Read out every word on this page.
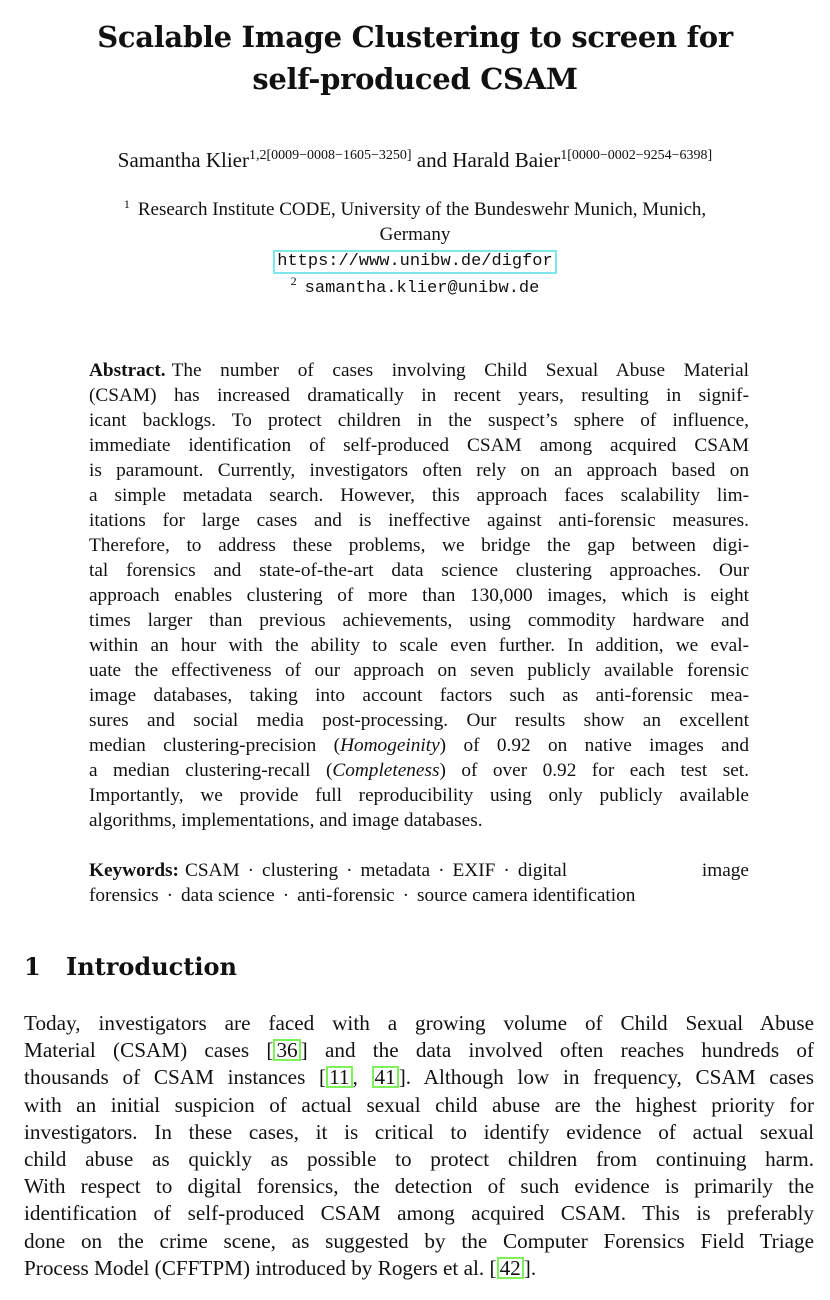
Scalable Image Clustering to screen for
self-produced CSAM
Samantha Klier$^{1,2[0009-0008-1605-3250]}$ and Harald Baier$^{1[0000-0002-9254-6398]}$
$^1$ Research Institute CODE, University of the Bundeswehr Munich, Munich,
Germany
https://www.unibw.de/digfor
$^2$ samantha.klier@unibw.de
Abstract. The number of cases involving Child Sexual Abuse Material
(CSAM) has increased dramatically in recent years, resulting in signif-
icant backlogs. To protect children in the suspect’s sphere of influence,
immediate identification of self-produced CSAM among acquired CSAM
is paramount. Currently, investigators often rely on an approach based on
a simple metadata search. However, this approach faces scalability lim-
itations for large cases and is ineffective against anti-forensic measures.
Therefore, to address these problems, we bridge the gap between digi-
tal forensics and state-of-the-art data science clustering approaches. Our
approach enables clustering of more than 130,000 images, which is eight
times larger than previous achievements, using commodity hardware and
within an hour with the ability to scale even further. In addition, we eval-
uate the effectiveness of our approach on seven publicly available forensic
image databases, taking into account factors such as anti-forensic mea-
sures and social media post-processing. Our results show an excellent
median clustering-precision (Homogeinity) of 0.92 on native images and
a median clustering-recall (Completeness) of over 0.92 for each test set.
Importantly, we provide full reproducibility using only publicly available
algorithms, implementations, and image databases.
Keywords: CSAM · clustering · metadata · EXIF · digital image
forensics · data science · anti-forensic · source camera identification
1 Introduction
Today, investigators are faced with a growing volume of Child Sexual Abuse
Material (CSAM) cases [ 36 ] and the data involved often reaches hundreds of
thousands of CSAM instances [ 11 , 41 ]. Although low in frequency, CSAM cases
with an initial suspicion of actual sexual child abuse are the highest priority for
investigators. In these cases, it is critical to identify evidence of actual sexual
child abuse as quickly as possible to protect children from continuing harm.
With respect to digital forensics, the detection of such evidence is primarily the
identification of self-produced CSAM among acquired CSAM. This is preferably
done on the crime scene, as suggested by the Computer Forensics Field Triage
Process Model (CFFTPM) introduced by Rogers et al. [ 42 ].
